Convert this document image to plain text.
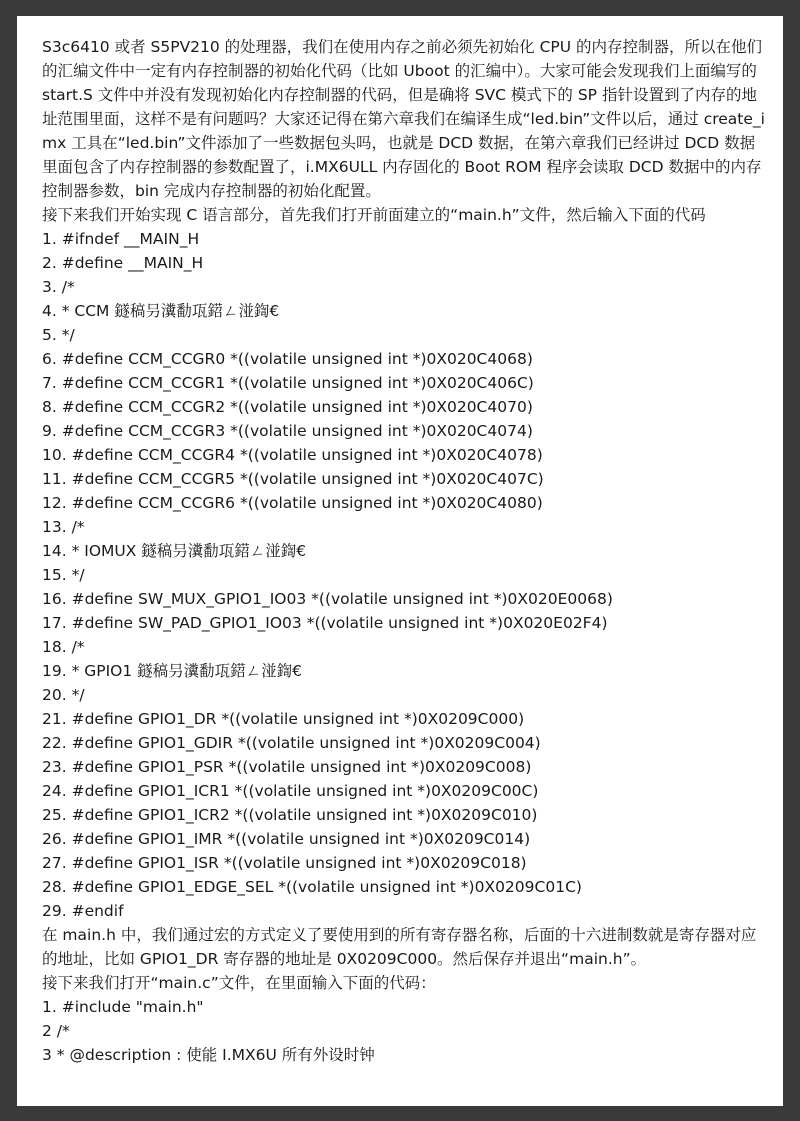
S3c6410 或者 S5PV210 的处理器，我们在使用内存之前必须先初始化 CPU 的内存控制器，所以在他们的汇编文件中一定有内存控制器的初始化代码（比如 Uboot 的汇编中）。大家可能会发现我们上面编写的 start.S 文件中并没有发现初始化内存控制器的代码，但是确将 SVC 模式下的 SP 指针设置到了内存的地址范围里面，这样不是有问题吗？大家还记得在第六章我们在编译生成“led.bin”文件以后，通过 create_imx 工具在“led.bin”文件添加了一些数据包头吗，也就是 DCD 数据，在第六章我们已经讲过 DCD 数据里面包含了内存控制器的参数配置了，i.MX6ULL 内存固化的 Boot ROM 程序会读取 DCD 数据中的内存控制器参数，bin 完成内存控制器的初始化配置。

接下来我们开始实现 C 语言部分，首先我们打开前面建立的“main.h”文件，然后输入下面的代码

1. #ifndef __MAIN_H
2. #define __MAIN_H
3. /*
4. * CCM 鐩稿叧瀵勫瓨鍣ㄥ湴鍧€
5. */
6. #define CCM_CCGR0 *((volatile unsigned int *)0X020C4068)
7. #define CCM_CCGR1 *((volatile unsigned int *)0X020C406C)
8. #define CCM_CCGR2 *((volatile unsigned int *)0X020C4070)
9. #define CCM_CCGR3 *((volatile unsigned int *)0X020C4074)
10. #define CCM_CCGR4 *((volatile unsigned int *)0X020C4078)
11. #define CCM_CCGR5 *((volatile unsigned int *)0X020C407C)
12. #define CCM_CCGR6 *((volatile unsigned int *)0X020C4080)
13. /*
14. * IOMUX 鐩稿叧瀵勫瓨鍣ㄥ湴鍧€
15. */
16. #define SW_MUX_GPIO1_IO03 *((volatile unsigned int *)0X020E0068)
17. #define SW_PAD_GPIO1_IO03 *((volatile unsigned int *)0X020E02F4)
18. /*
19. * GPIO1 鐩稿叧瀵勫瓨鍣ㄥ湴鍧€
20. */
21. #define GPIO1_DR *((volatile unsigned int *)0X0209C000)
22. #define GPIO1_GDIR *((volatile unsigned int *)0X0209C004)
23. #define GPIO1_PSR *((volatile unsigned int *)0X0209C008)
24. #define GPIO1_ICR1 *((volatile unsigned int *)0X0209C00C)
25. #define GPIO1_ICR2 *((volatile unsigned int *)0X0209C010)
26. #define GPIO1_IMR *((volatile unsigned int *)0X0209C014)
27. #define GPIO1_ISR *((volatile unsigned int *)0X0209C018)
28. #define GPIO1_EDGE_SEL *((volatile unsigned int *)0X0209C01C)
29. #endif

在 main.h 中，我们通过宏的方式定义了要使用到的所有寄存器名称，后面的十六进制数就是寄存器对应的地址，比如 GPIO1_DR 寄存器的地址是 0X0209C000。然后保存并退出“main.h”。

接下来我们打开“main.c”文件，在里面输入下面的代码：

1. #include "main.h"
2 /*
3 * @description : 使能 I.MX6U 所有外设时钟
